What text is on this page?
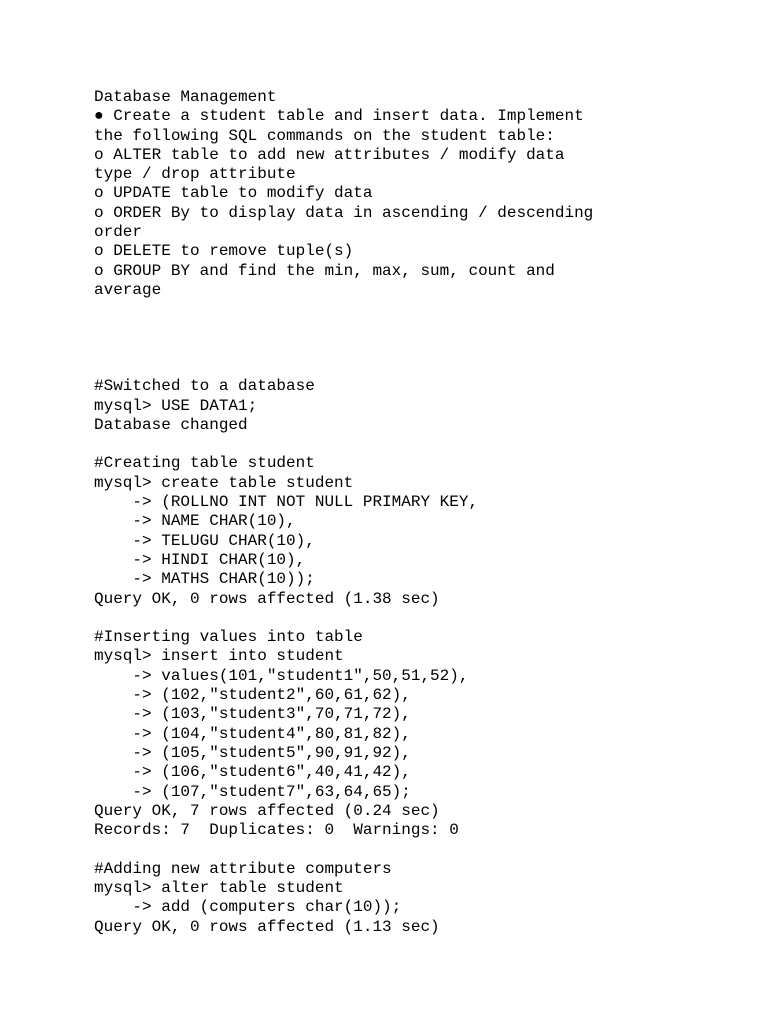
Database Management
● Create a student table and insert data. Implement
the following SQL commands on the student table:
o ALTER table to add new attributes / modify data
type / drop attribute
o UPDATE table to modify data
o ORDER By to display data in ascending / descending
order
o DELETE to remove tuple(s)
o GROUP BY and find the min, max, sum, count and
average
#Switched to a database
mysql> USE DATA1;
Database changed
#Creating table student
mysql> create table student
-> (ROLLNO INT NOT NULL PRIMARY KEY,
-> NAME CHAR(10),
-> TELUGU CHAR(10),
-> HINDI CHAR(10),
-> MATHS CHAR(10));
Query OK, 0 rows affected (1.38 sec)
#Inserting values into table
mysql> insert into student
-> values(101,"student1",50,51,52),
-> (102,"student2",60,61,62),
-> (103,"student3",70,71,72),
-> (104,"student4",80,81,82),
-> (105,"student5",90,91,92),
-> (106,"student6",40,41,42),
-> (107,"student7",63,64,65);
Query OK, 7 rows affected (0.24 sec)
Records: 7  Duplicates: 0  Warnings: 0
#Adding new attribute computers
mysql> alter table student
-> add (computers char(10));
Query OK, 0 rows affected (1.13 sec)
